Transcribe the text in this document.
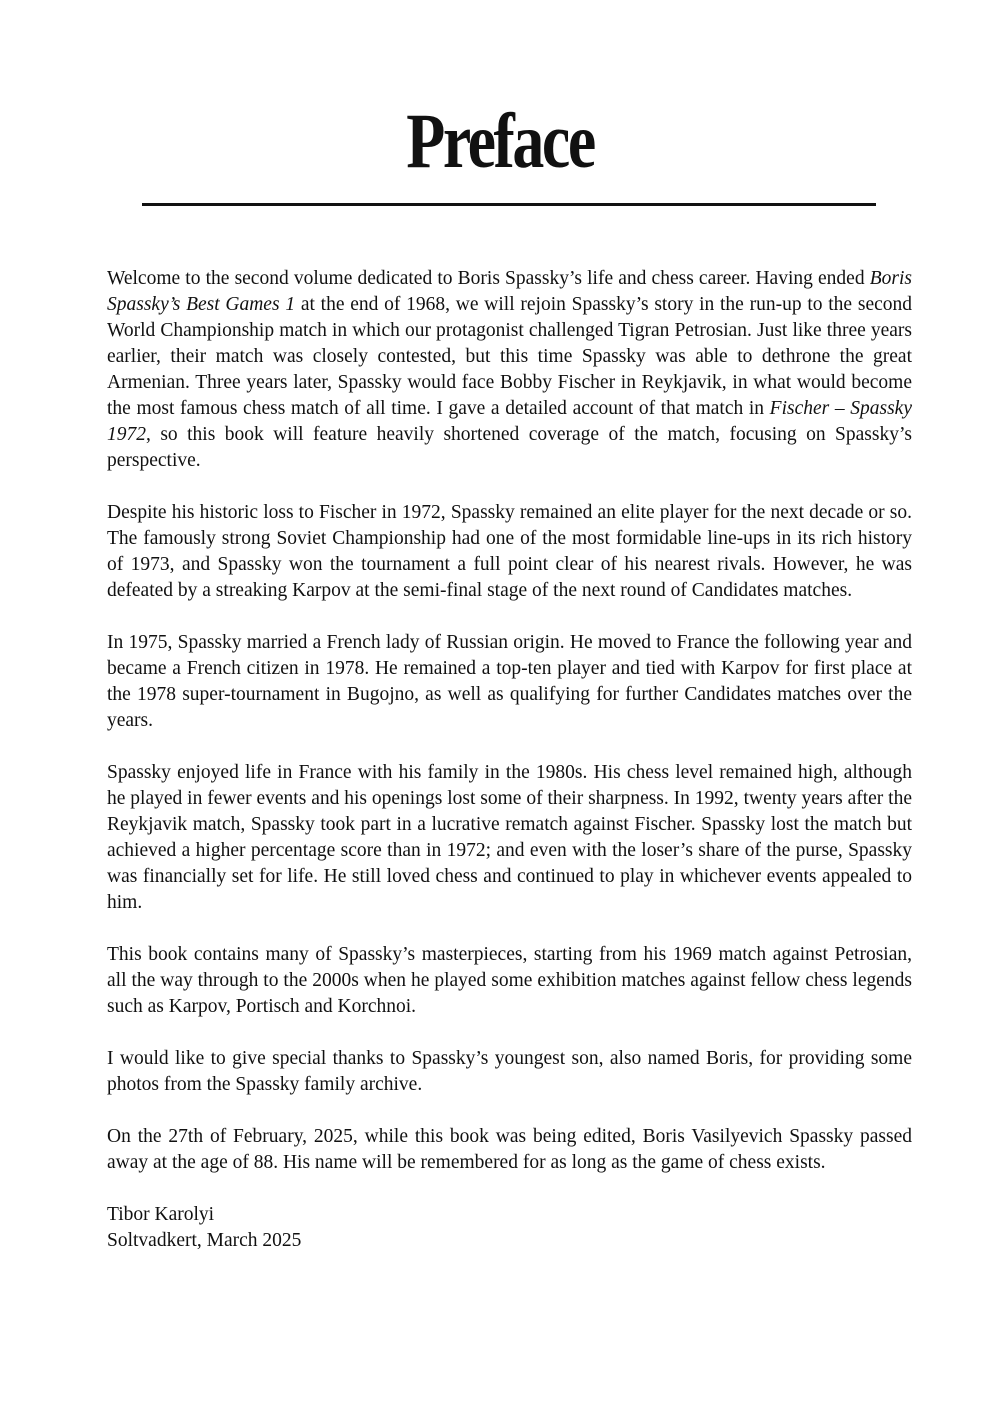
Preface

Welcome to the second volume dedicated to Boris Spassky’s life and chess career. Having ended Boris Spassky’s Best Games 1 at the end of 1968, we will rejoin Spassky’s story in the run-up to the second World Championship match in which our protagonist challenged Tigran Petrosian. Just like three years earlier, their match was closely contested, but this time Spassky was able to dethrone the great Armenian. Three years later, Spassky would face Bobby Fischer in Reykjavik, in what would become the most famous chess match of all time. I gave a detailed account of that match in Fischer – Spassky 1972, so this book will feature heavily shortened coverage of the match, focusing on Spassky’s perspective.

Despite his historic loss to Fischer in 1972, Spassky remained an elite player for the next decade or so. The famously strong Soviet Championship had one of the most formidable line-ups in its rich history of 1973, and Spassky won the tournament a full point clear of his nearest rivals. However, he was defeated by a streaking Karpov at the semi-final stage of the next round of Candidates matches.

In 1975, Spassky married a French lady of Russian origin. He moved to France the following year and became a French citizen in 1978. He remained a top-ten player and tied with Karpov for first place at the 1978 super-tournament in Bugojno, as well as qualifying for further Candidates matches over the years.

Spassky enjoyed life in France with his family in the 1980s. His chess level remained high, although he played in fewer events and his openings lost some of their sharpness. In 1992, twenty years after the Reykjavik match, Spassky took part in a lucrative rematch against Fischer. Spassky lost the match but achieved a higher percentage score than in 1972; and even with the loser’s share of the purse, Spassky was financially set for life. He still loved chess and continued to play in whichever events appealed to him.

This book contains many of Spassky’s masterpieces, starting from his 1969 match against Petrosian, all the way through to the 2000s when he played some exhibition matches against fellow chess legends such as Karpov, Portisch and Korchnoi.

I would like to give special thanks to Spassky’s youngest son, also named Boris, for providing some photos from the Spassky family archive.

On the 27th of February, 2025, while this book was being edited, Boris Vasilyevich Spassky passed away at the age of 88. His name will be remembered for as long as the game of chess exists.

Tibor Karolyi

Soltvadkert, March 2025
